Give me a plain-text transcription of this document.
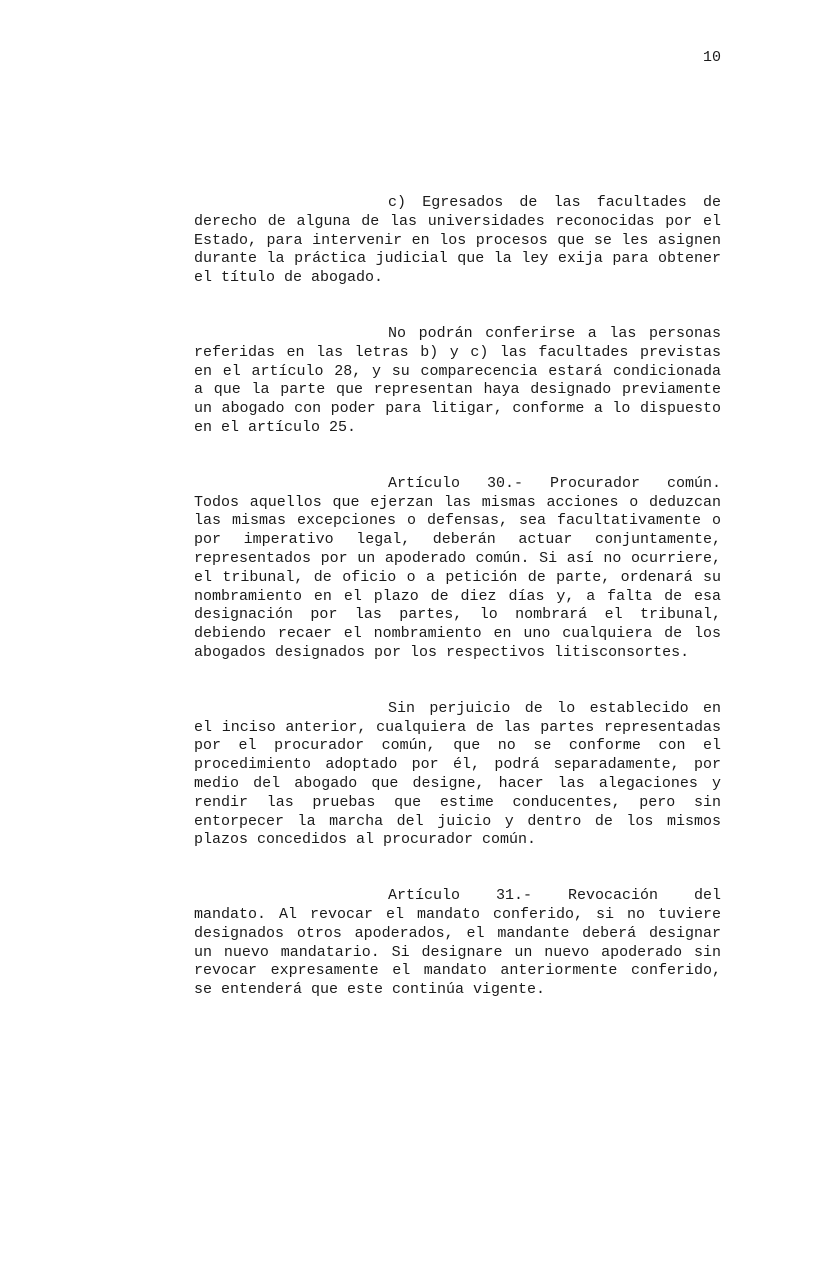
10

c) Egresados de las facultades de derecho de alguna de las universidades reconocidas por el Estado, para intervenir en los procesos que se les asignen durante la práctica judicial que la ley exija para obtener el título de abogado.

No podrán conferirse a las personas referidas en las letras b) y c) las facultades previstas en el artículo 28, y su comparecencia estará condicionada a que la parte que representan haya designado previamente un abogado con poder para litigar, conforme a lo dispuesto en el artículo 25.

Artículo 30.- Procurador común. Todos aquellos que ejerzan las mismas acciones o deduzcan las mismas excepciones o defensas, sea facultativamente o por imperativo legal, deberán actuar conjuntamente, representados por un apoderado común. Si así no ocurriere, el tribunal, de oficio o a petición de parte, ordenará su nombramiento en el plazo de diez días y, a falta de esa designación por las partes, lo nombrará el tribunal, debiendo recaer el nombramiento en uno cualquiera de los abogados designados por los respectivos litisconsortes.

Sin perjuicio de lo establecido en el inciso anterior, cualquiera de las partes representadas por el procurador común, que no se conforme con el procedimiento adoptado por él, podrá separadamente, por medio del abogado que designe, hacer las alegaciones y rendir las pruebas que estime conducentes, pero sin entorpecer la marcha del juicio y dentro de los mismos plazos concedidos al procurador común.

Artículo 31.- Revocación del mandato. Al revocar el mandato conferido, si no tuviere designados otros apoderados, el mandante deberá designar un nuevo mandatario. Si designare un nuevo apoderado sin revocar expresamente el mandato anteriormente conferido, se entenderá que este continúa vigente.
